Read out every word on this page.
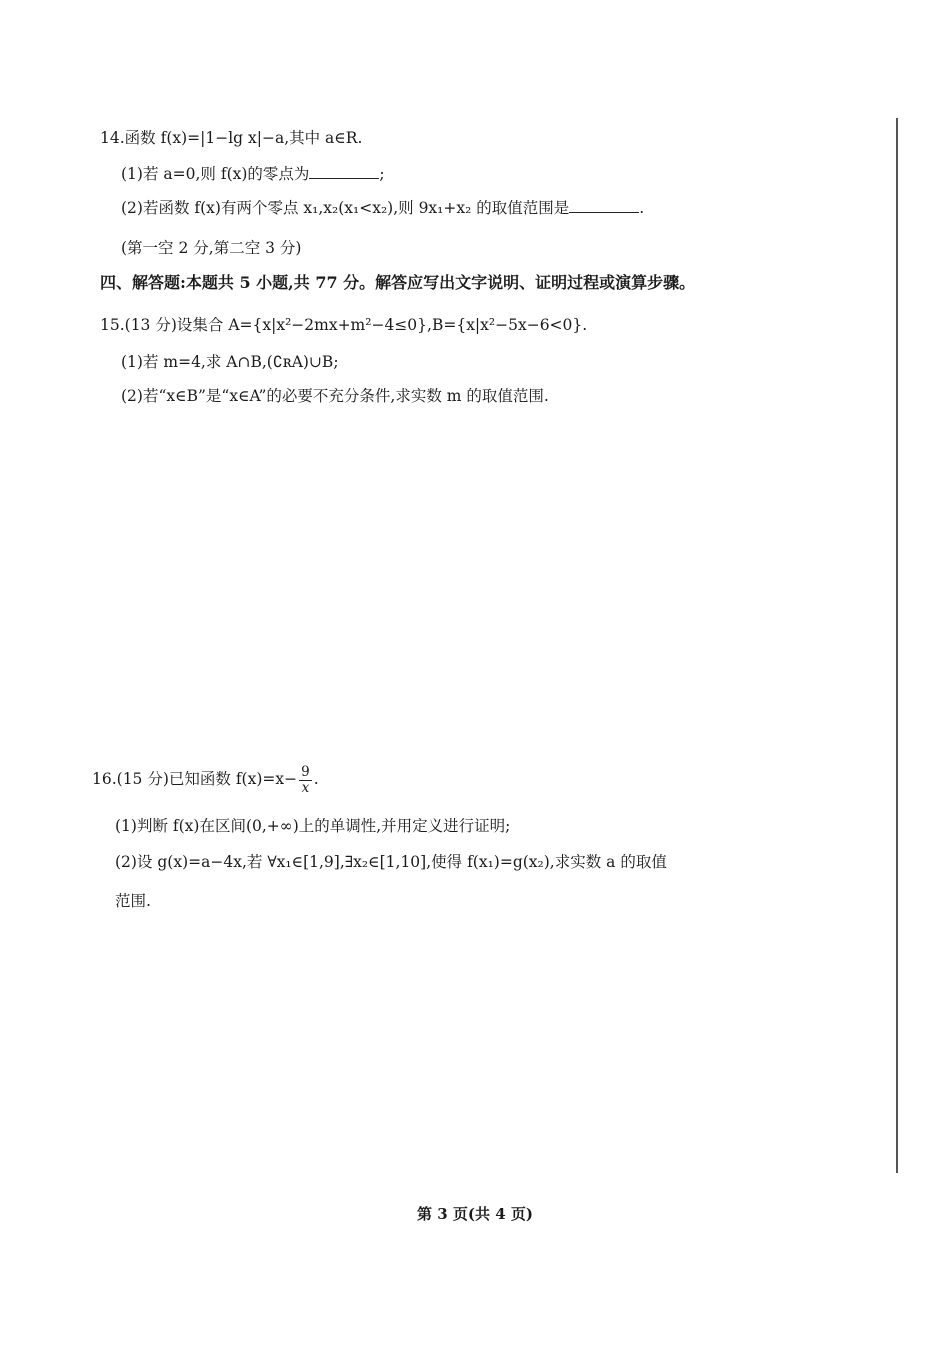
14.函数 f(x)=|1−lg x|−a,其中 a∈R.
(1)若 a=0,则 f(x)的零点为	;
(2)若函数 f(x)有两个零点 x₁,x₂(x₁<x₂),则 9x₁+x₂ 的取值范围是	.
(第一空 2 分,第二空 3 分)
四、解答题:本题共 5 小题,共 77 分。解答应写出文字说明、证明过程或演算步骤。
15.(13 分)设集合 A={x|x²−2mx+m²−4≤0},B={x|x²−5x−6<0}.
(1)若 m=4,求 A∩B,(∁ʀA)∪B;
(2)若“x∈B”是“x∈A”的必要不充分条件,求实数 m 的取值范围.
16.(15 分)已知函数 $f(x)=x- \frac{9}{x}$ .
(1)判断 f(x)在区间(0,+∞)上的单调性,并用定义进行证明;
(2)设 g(x)=a−4x,若 ∀x₁∈[1,9],∃x₂∈[1,10],使得 f(x₁)=g(x₂),求实数 a 的取值
范围.
第 3 页(共 4 页)
